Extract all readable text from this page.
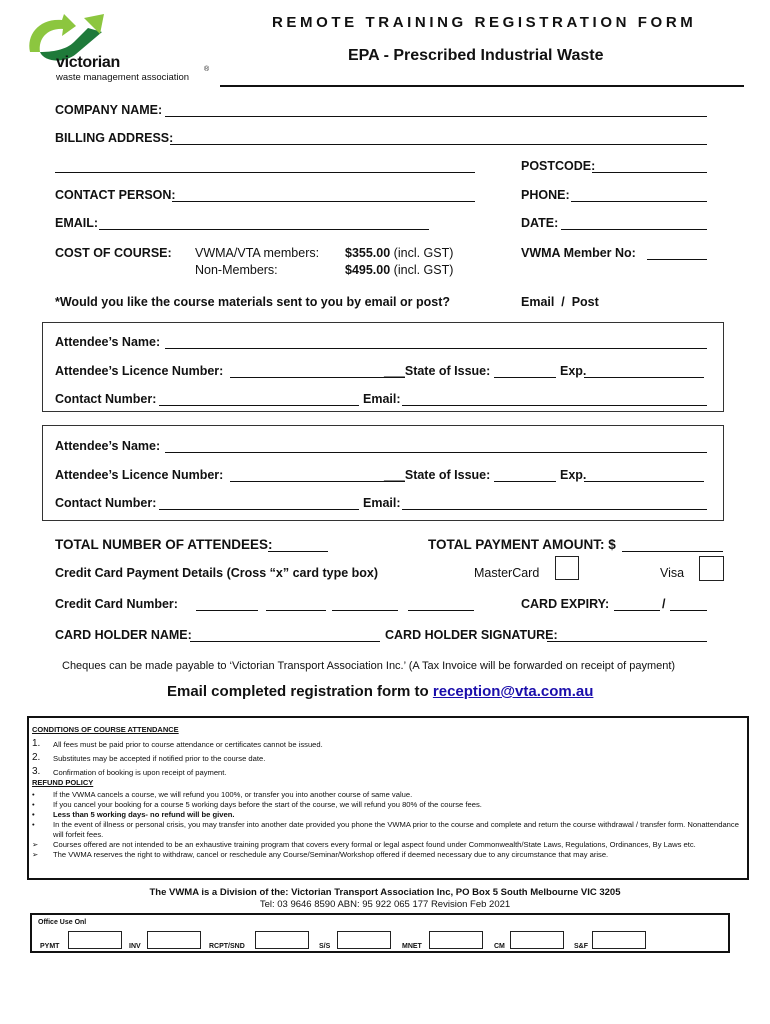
victorian
waste management association
®
REMOTE TRAINING REGISTRATION FORM
EPA - Prescribed Industrial Waste
COMPANY NAME:
BILLING ADDRESS:
POSTCODE:
CONTACT PERSON:	PHONE:
EMAIL:	DATE:
COST OF COURSE: VWMA/VTA members: $355.00 (incl. GST)
Non-Members:	$495.00 (incl. GST)
VWMA Member No:
*Would you like the course materials sent to you by email or post?	Email  /  Post
Attendee’s Name:
Attendee’s Licence Number:	___State of Issue:	Exp.
Contact Number:	Email:
Attendee’s Name:
Attendee’s Licence Number:	___State of Issue:	Exp.
Contact Number:	Email:
TOTAL NUMBER OF ATTENDEES:	TOTAL PAYMENT AMOUNT: $
Credit Card Payment Details (Cross “x” card type box)	MasterCard	Visa
Credit Card Number:	CARD EXPIRY:	/
CARD HOLDER NAME:	CARD HOLDER SIGNATURE:
Cheques can be made payable to ‘Victorian Transport Association Inc.’ (A Tax Invoice will be forwarded on receipt of payment)
Email completed registration form to reception@vta.com.au
CONDITIONS OF COURSE ATTENDANCE
1.	All fees must be paid prior to course attendance or certificates cannot be issued.
2.	Substitutes may be accepted if notified prior to the course date.
3.	Confirmation of booking is upon receipt of payment.
REFUND POLICY
•	If the VWMA cancels a course, we will refund you 100%, or transfer you into another course of same value.
•	If you cancel your booking for a course 5 working days before the start of the course, we will refund you 80% of the course fees.
•	Less than 5 working days- no refund will be given.
•	In the event of illness or personal crisis, you may transfer into another date provided you phone the VWMA prior to the course and complete and return the course withdrawal / transfer form. Nonattendance will forfeit fees.
➢	Courses offered are not intended to be an exhaustive training program that covers every formal or legal aspect found under Commonwealth/State Laws, Regulations, Ordinances, By Laws etc.
➢	The VWMA reserves the right to withdraw, cancel or reschedule any Course/Seminar/Workshop offered if deemed necessary due to any circumstance that may arise.
The VWMA is a Division of the: Victorian Transport Association Inc, PO Box 5 South Melbourne VIC 3205
Tel: 03 9646 8590 ABN: 95 922 065 177 Revision Feb 2021
Office Use Onl
PYMT	INV	RCPT/SND	S/S	MNET	CM	S&F
